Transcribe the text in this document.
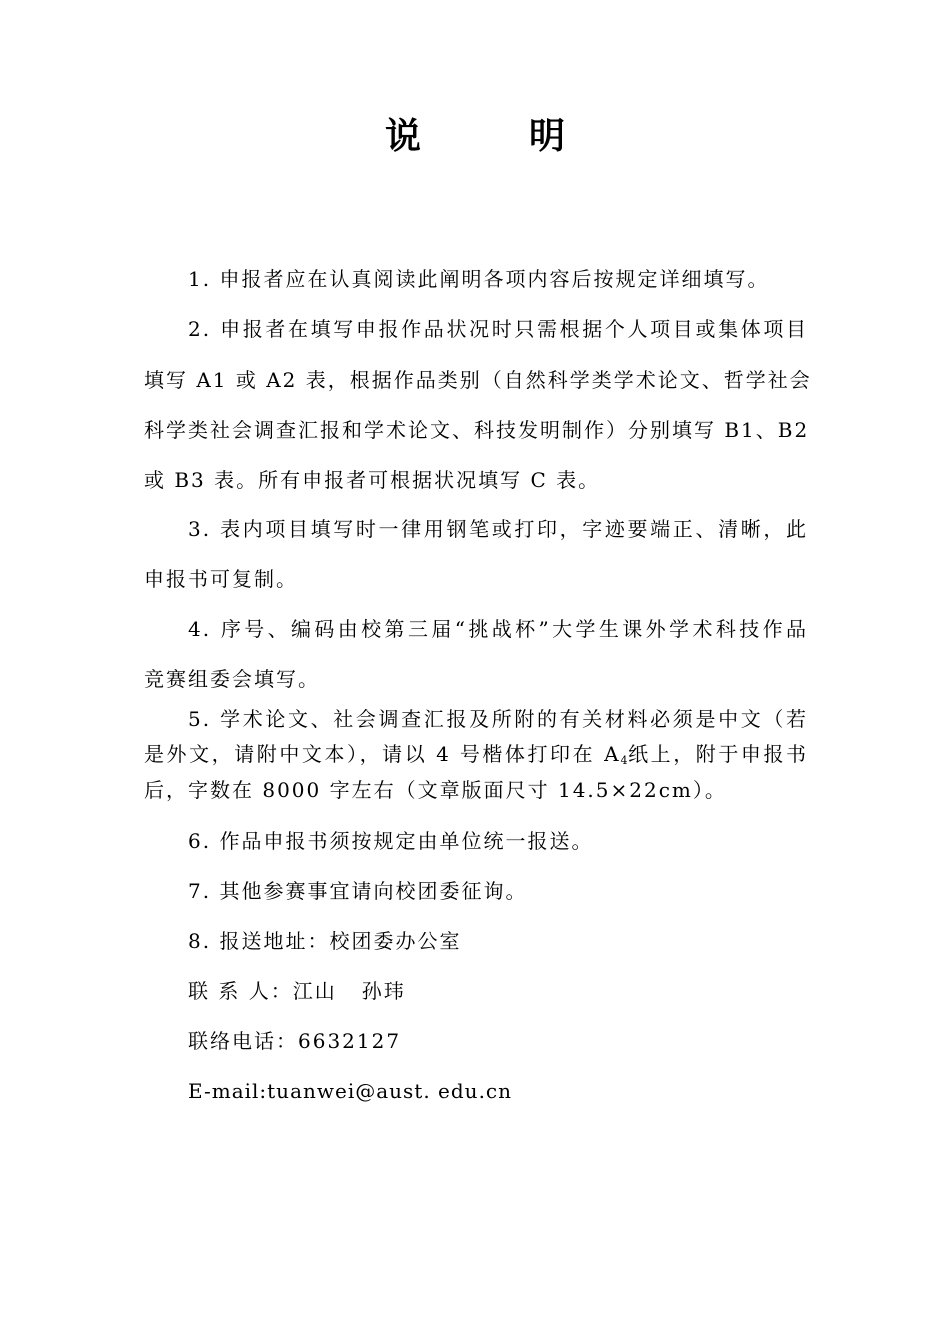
说	明
1. 申报者应在认真阅读此阐明各项内容后按规定详细填写。
2. 申报者在填写申报作品状况时只需根据个人项目或集体项目
填写 A1 或 A2 表，根据作品类别（自然科学类学术论文、哲学社会
科学类社会调查汇报和学术论文、科技发明制作）分别填写 B1、B2
或 B3 表。所有申报者可根据状况填写 C 表。
3. 表内项目填写时一律用钢笔或打印，字迹要端正、清晰，此
申报书可复制。
4. 序号、编码由校第三届“挑战杯”大学生课外学术科技作品
竞赛组委会填写。
5. 学术论文、社会调查汇报及所附的有关材料必须是中文（若
是外文，请附中文本），请以 4 号楷体打印在 $A_4$纸上，附于申报书
后，字数在 8000 字左右（文章版面尺寸 14.5×22cm）。
6. 作品申报书须按规定由单位统一报送。
7. 其他参赛事宜请向校团委征询。
8. 报送地址：校团委办公室
联 系 人：江山   孙玮
联络电话：6632127
E-mail:tuanwei@aust. edu.cn
